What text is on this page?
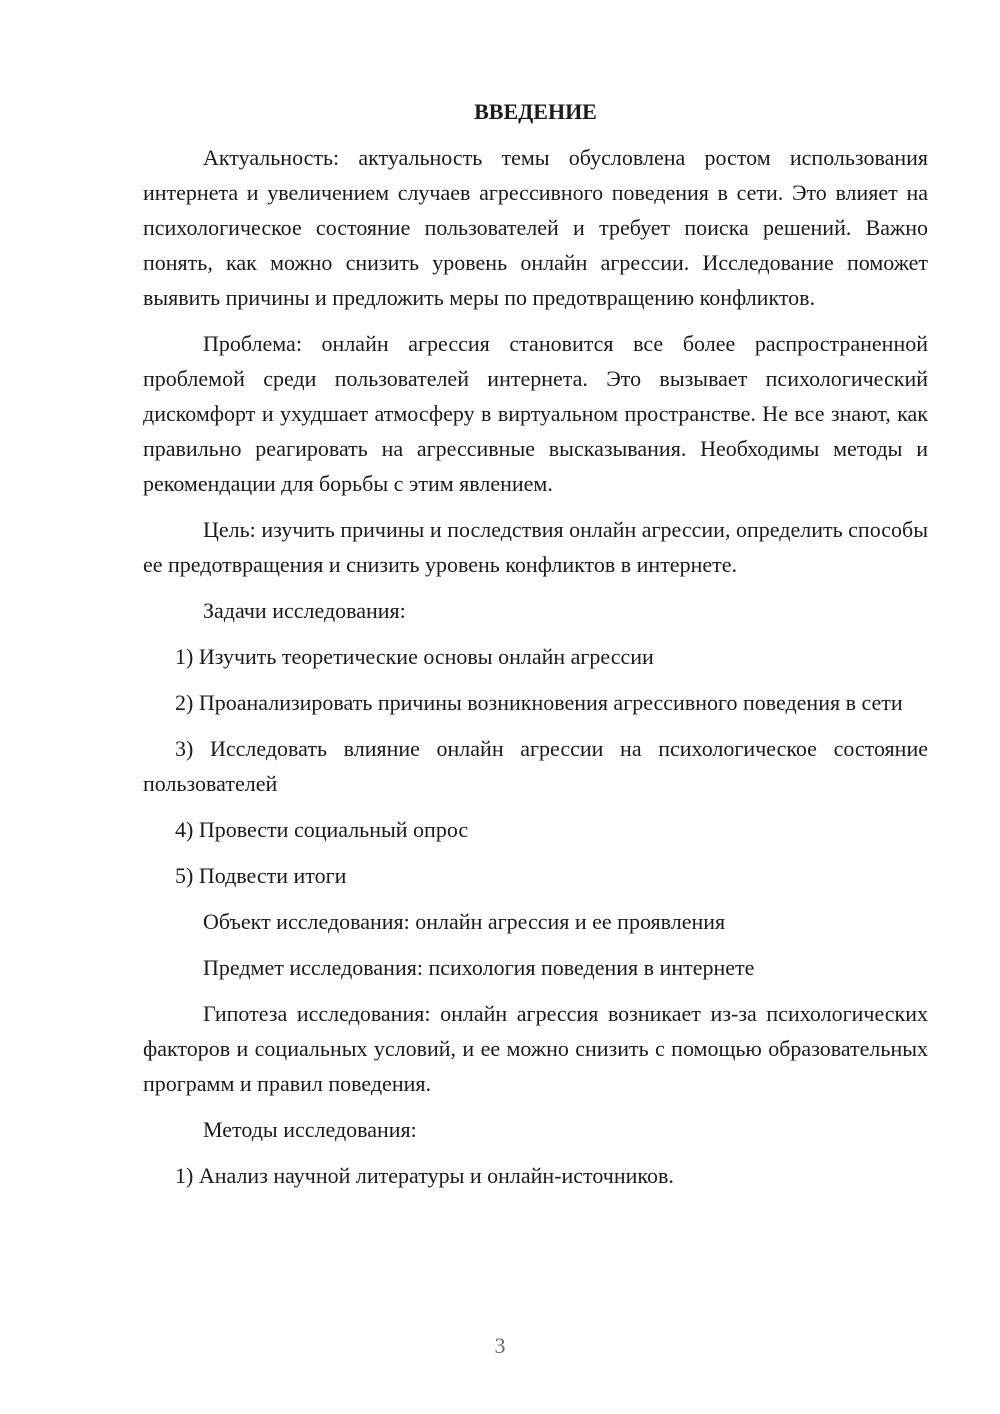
ВВЕДЕНИЕ

Актуальность: актуальность темы обусловлена ростом использования интернета и увеличением случаев агрессивного поведения в сети. Это влияет на психологическое состояние пользователей и требует поиска решений. Важно понять, как можно снизить уровень онлайн агрессии. Исследование поможет выявить причины и предложить меры по предотвращению конфликтов.

Проблема: онлайн агрессия становится все более распространенной проблемой среди пользователей интернета. Это вызывает психологический дискомфорт и ухудшает атмосферу в виртуальном пространстве. Не все знают, как правильно реагировать на агрессивные высказывания. Необходимы методы и рекомендации для борьбы с этим явлением.

Цель: изучить причины и последствия онлайн агрессии, определить способы ее предотвращения и снизить уровень конфликтов в интернете.

Задачи исследования:

1) Изучить теоретические основы онлайн агрессии

2) Проанализировать причины возникновения агрессивного поведения в сети

3) Исследовать влияние онлайн агрессии на психологическое состояние пользователей

4) Провести социальный опрос

5) Подвести итоги

Объект исследования: онлайн агрессия и ее проявления

Предмет исследования: психология поведения в интернете

Гипотеза исследования: онлайн агрессия возникает из-за психологических факторов и социальных условий, и ее можно снизить с помощью образовательных программ и правил поведения.

Методы исследования:

1) Анализ научной литературы и онлайн-источников.

3
